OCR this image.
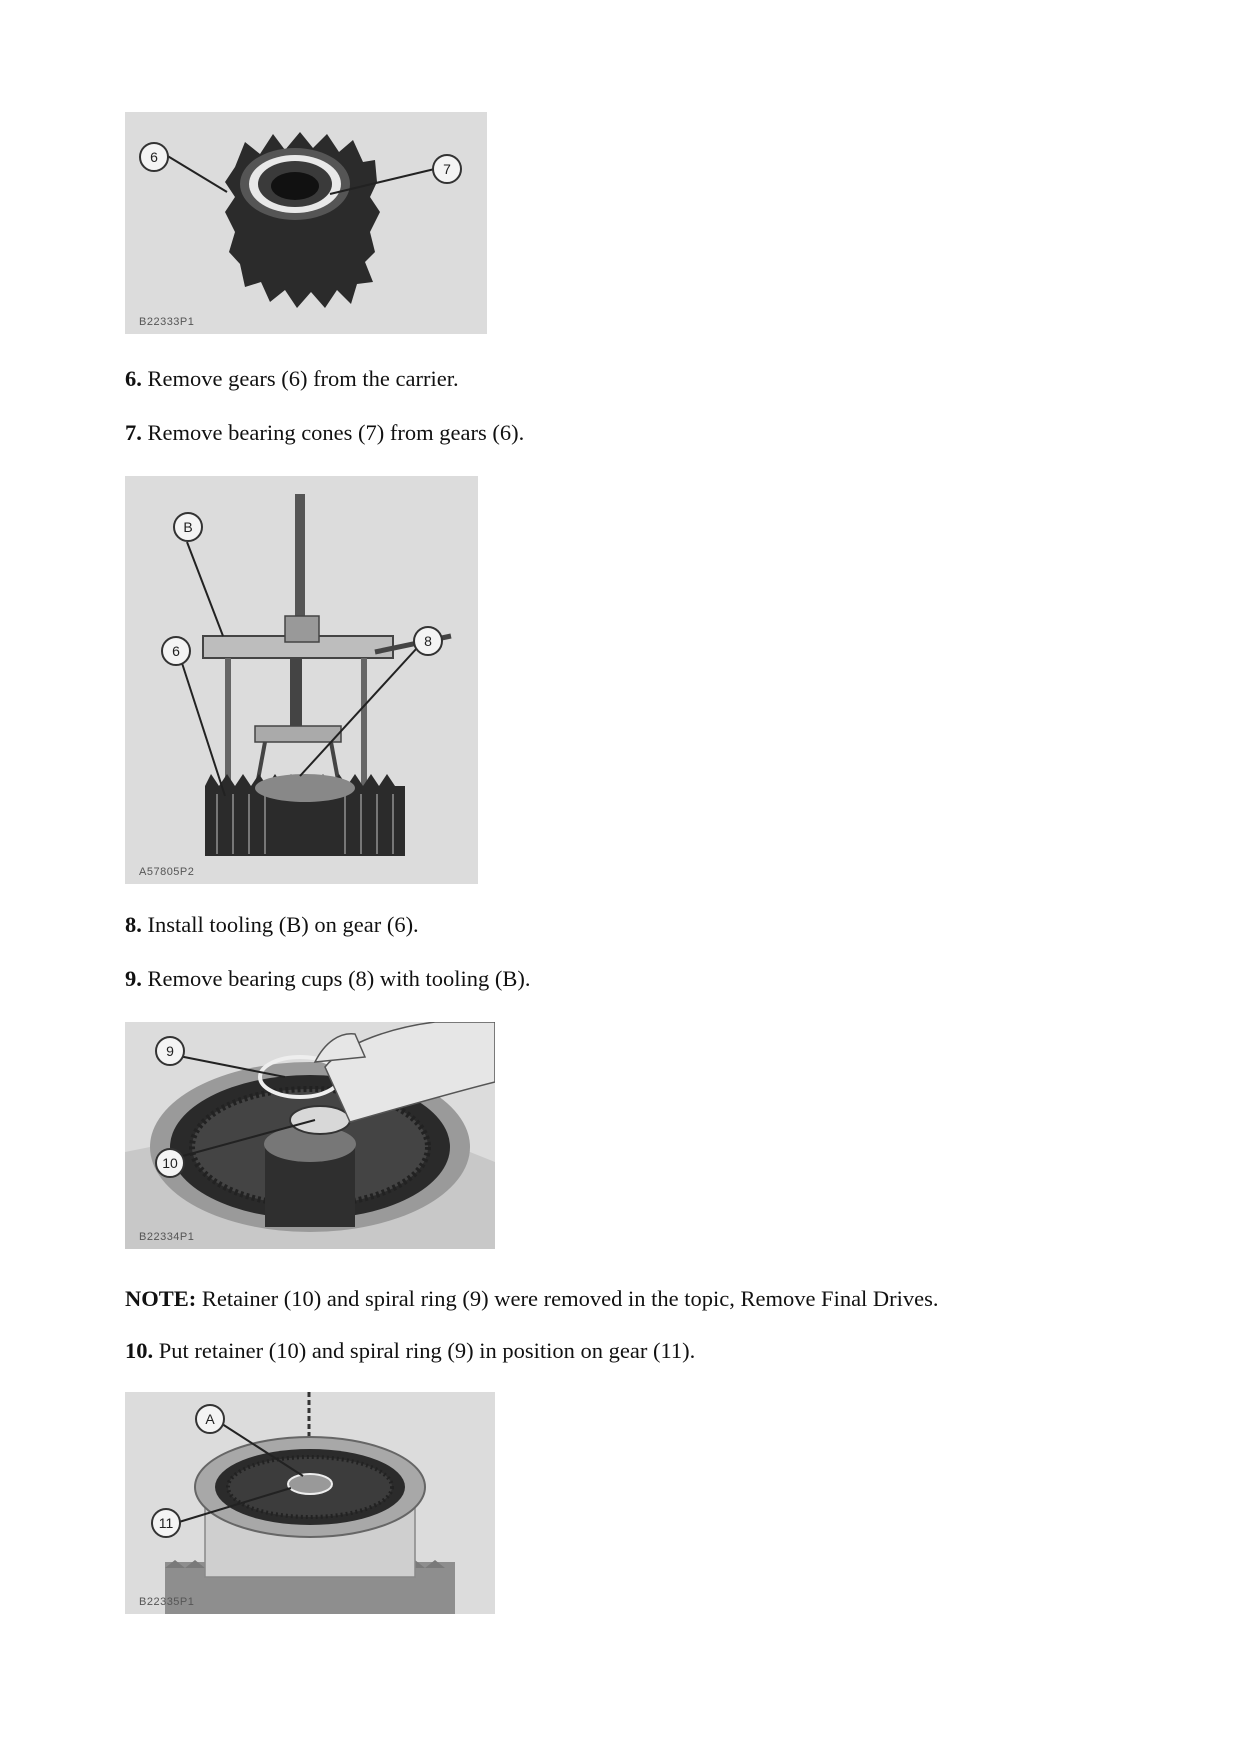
6
7
B22333P1

6. Remove gears (6) from the carrier.

7. Remove bearing cones (7) from gears (6).

B
6
8
A57805P2

8. Install tooling (B) on gear (6).

9. Remove bearing cups (8) with tooling (B).

9
10
B22334P1

NOTE: Retainer (10) and spiral ring (9) were removed in the topic, Remove Final Drives.

10. Put retainer (10) and spiral ring (9) in position on gear (11).

A
11
B22335P1
